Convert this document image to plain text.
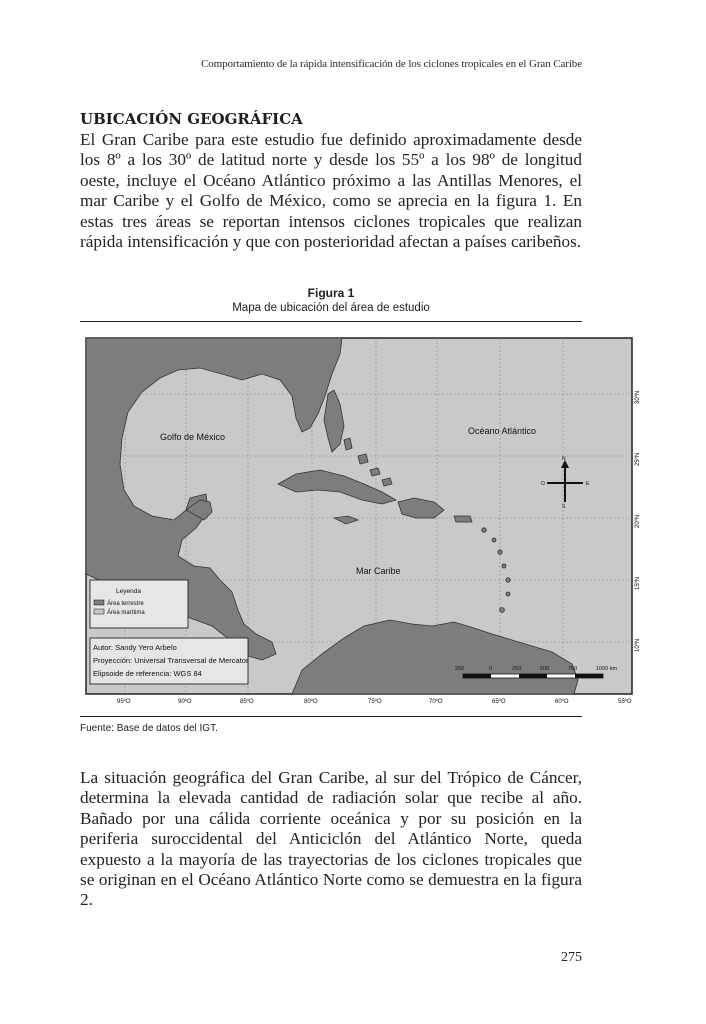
Comportamiento de la rápida intensificación de los ciclones tropicales en el Gran Caribe
UBICACIÓN GEOGRÁFICA

El Gran Caribe para este estudio fue definido aproximadamente desde los 8º a los 30º de latitud norte y desde los 55º a los 98º de longitud oeste, incluye el Océano Atlántico próximo a las Antillas Menores, el mar Caribe y el Golfo de México, como se aprecia en la figura 1. En estas tres áreas se reportan intensos ciclones tropicales que realizan rápida intensificación y que con posterioridad afectan a países caribeños.

Figura 1
Mapa de ubicación del área de estudio
Golfo de México
Océano Atlántico
Mar Caribe
N
S
E
O
Leyenda
Área terrestre
Área marítima
Autor: Sandy Yero Arbelo
Proyección: Universal Transversal de Mercator
Elipsoide de referencia: WGS 84	250	0	250	500	750	1000 km
95ºO	90ºO	85ºO	80ºO	75ºO	70ºO	65ºO	60ºO	55ºO
30ºN
25ºN
20ºN
15ºN
10ºN
Fuente: Base de datos del IGT.

La situación geográfica del Gran Caribe, al sur del Trópico de Cáncer, determina la elevada cantidad de radiación solar que recibe al año. Bañado por una cálida corriente oceánica y por su posición en la periferia suroccidental del Anticiclón del Atlántico Norte, queda expuesto a la mayoría de las trayectorias de los ciclones tropicales que se originan en el Océano Atlántico Norte como se demuestra en la figura 2.

275
